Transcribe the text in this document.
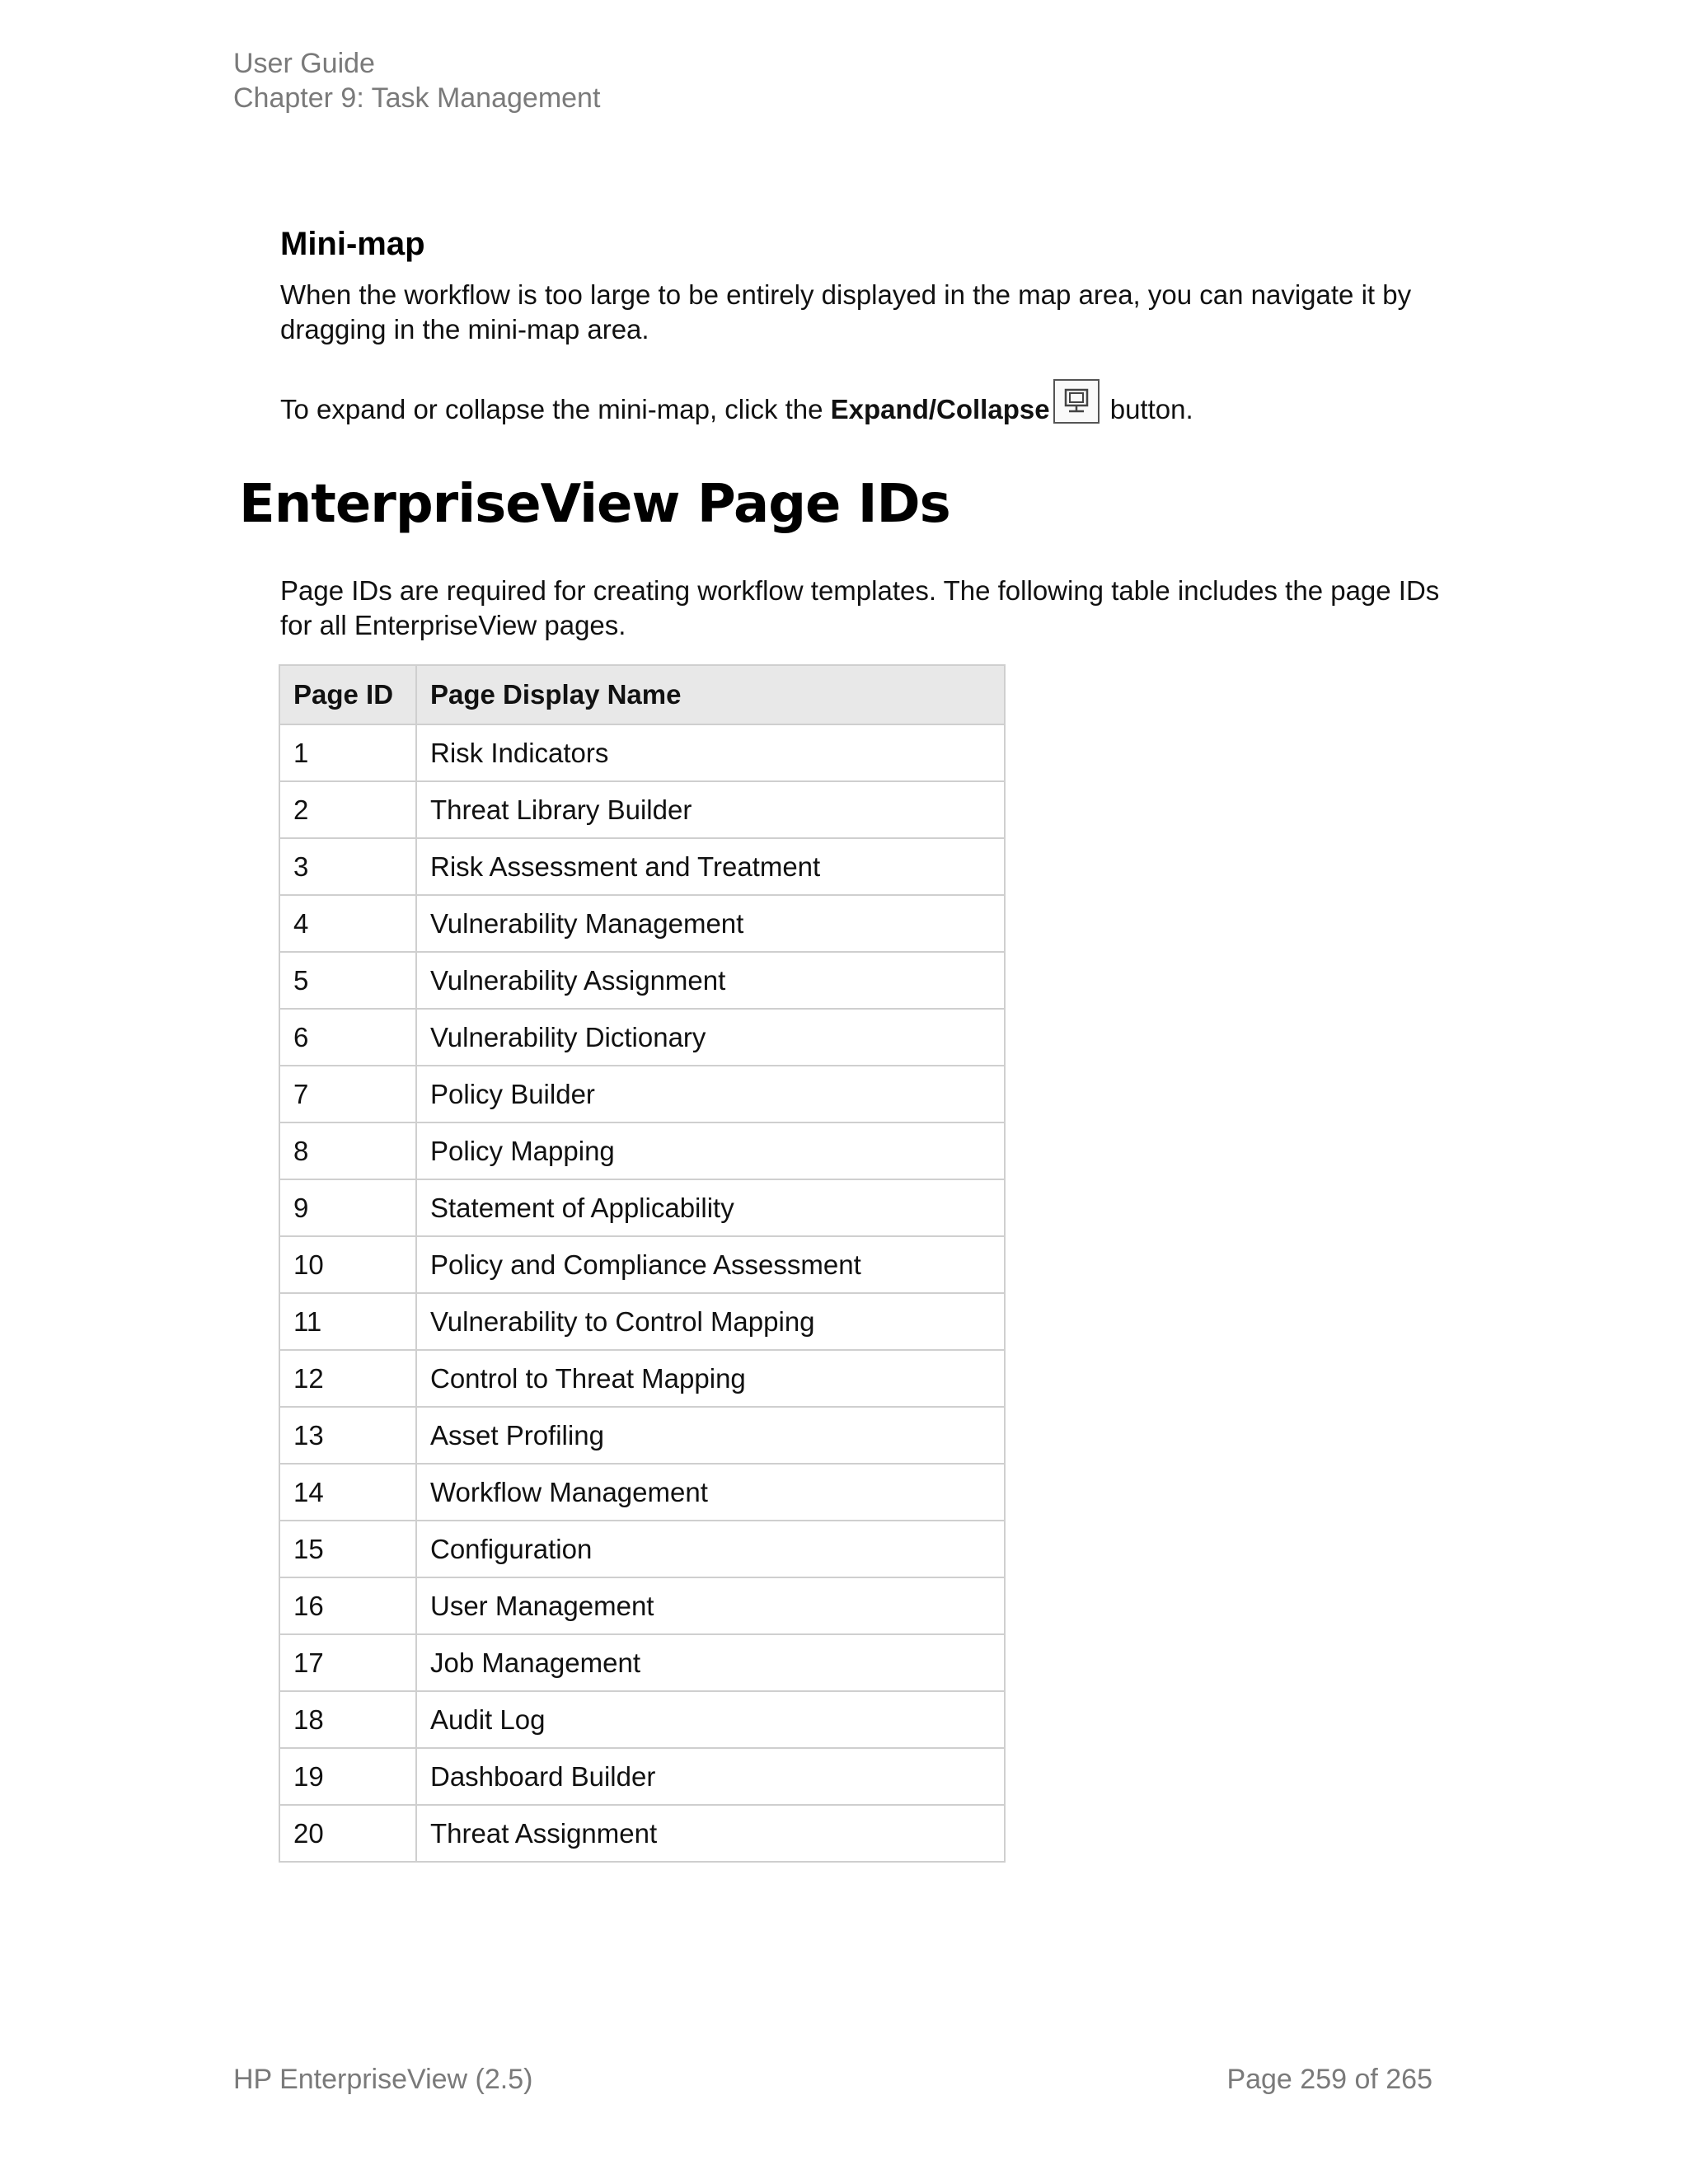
User Guide
Chapter 9: Task Management
Mini-map

When the workflow is too large to be entirely displayed in the map area, you can navigate it by dragging in the mini-map area.

To expand or collapse the mini-map, click the Expand/Collapse
button.

EnterpriseView Page IDs

Page IDs are required for creating workflow templates. The following table includes the page IDs for all EnterpriseView pages.

Page ID	Page Display Name
1	Risk Indicators
2	Threat Library Builder
3	Risk Assessment and Treatment
4	Vulnerability Management
5	Vulnerability Assignment
6	Vulnerability Dictionary
7	Policy Builder
8	Policy Mapping
9	Statement of Applicability
10	Policy and Compliance Assessment
11	Vulnerability to Control Mapping
12	Control to Threat Mapping
13	Asset Profiling
14	Workflow Management
15	Configuration
16	User Management
17	Job Management
18	Audit Log
19	Dashboard Builder
20	Threat Assignment
HP EnterpriseView (2.5)	Page 259 of 265
